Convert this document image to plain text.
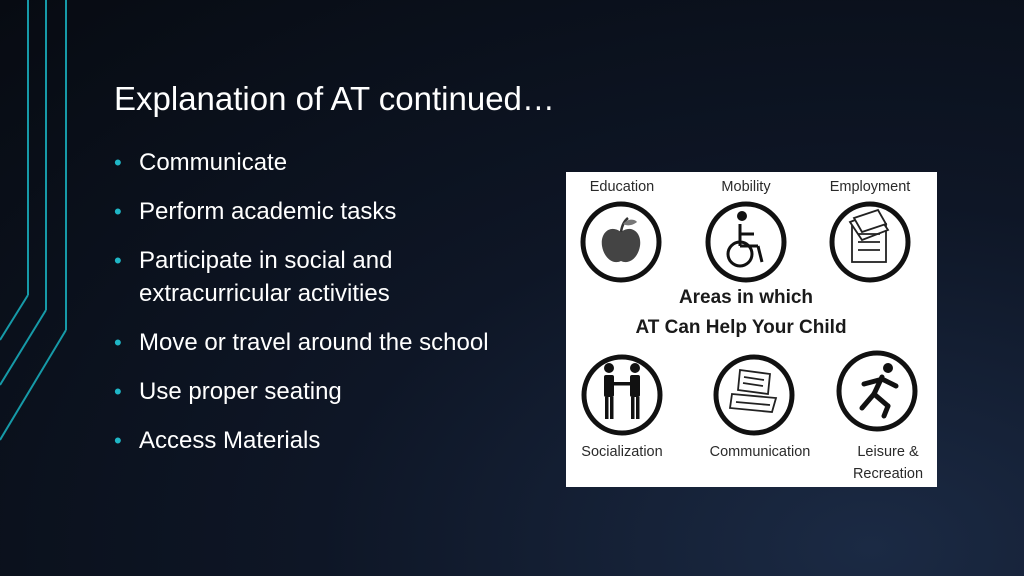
Explanation of AT continued…
• Communicate
• Perform academic tasks
• Participate in social and extracurricular activities
• Move or travel around the school
• Use proper seating
• Access Materials
Education	Mobility	Employment
Areas in which
AT Can Help Your Child
Socialization	Communication	Leisure &
Recreation
